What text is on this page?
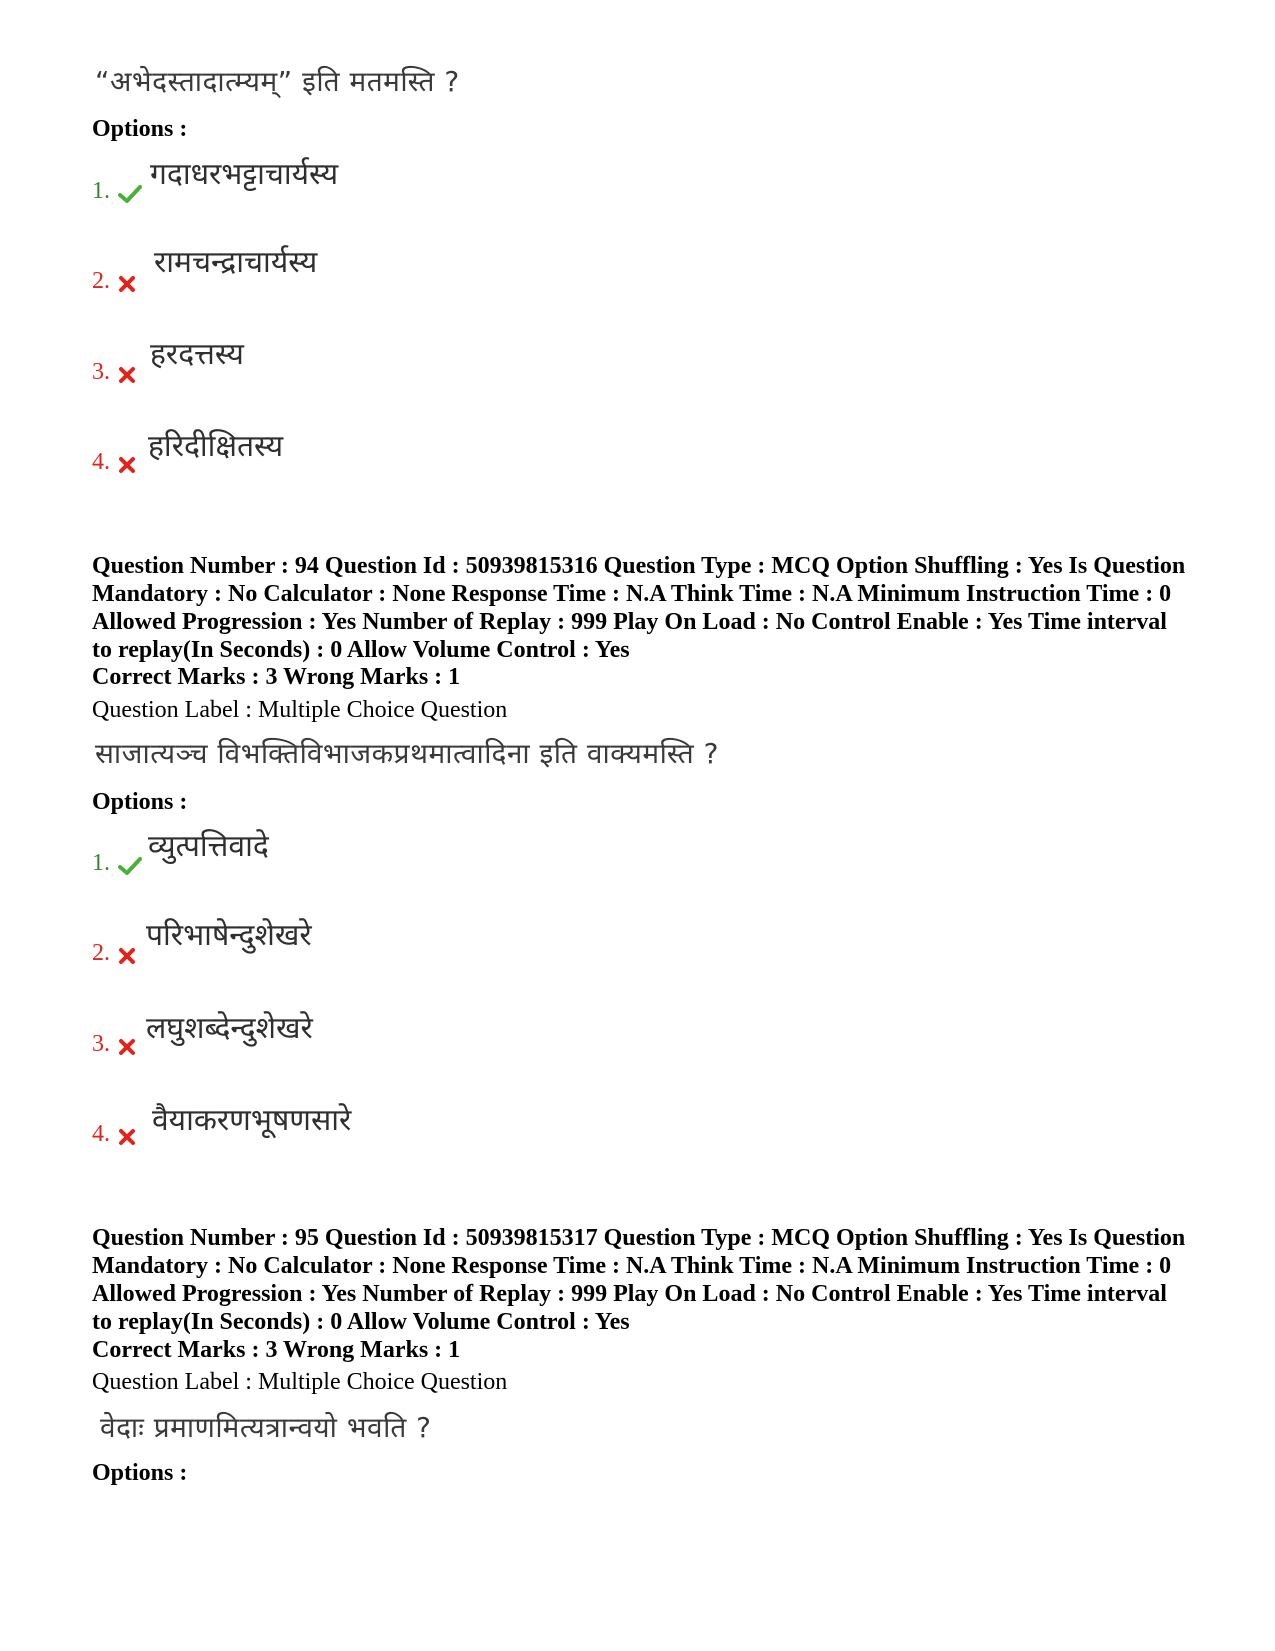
“अभेदस्तादात्म्यम्” इति मतमस्ति ?
Options :
1.	गदाधरभट्टाचार्यस्य
2.
रामचन्द्राचार्यस्य
3.	हरदत्तस्य
4.	हरिदीक्षितस्य
Question Number : 94 Question Id : 50939815316 Question Type : MCQ Option Shuffling : Yes Is Question Mandatory : No Calculator : None Response Time : N.A Think Time : N.A Minimum Instruction Time : 0 Allowed Progression : Yes Number of Replay : 999 Play On Load : No Control Enable : Yes Time interval to replay(In Seconds) : 0 Allow Volume Control : Yes
Correct Marks : 3 Wrong Marks : 1
Question Label : Multiple Choice Question
साजात्यञ्च विभक्तिविभाजकप्रथमात्वादिना इति वाक्यमस्ति ?
Options :
1.	व्युत्पत्तिवादे
2.	परिभाषेन्दुशेखरे
3.	लघुशब्देन्दुशेखरे
4.	वैयाकरणभूषणसारे
Question Number : 95 Question Id : 50939815317 Question Type : MCQ Option Shuffling : Yes Is Question Mandatory : No Calculator : None Response Time : N.A Think Time : N.A Minimum Instruction Time : 0 Allowed Progression : Yes Number of Replay : 999 Play On Load : No Control Enable : Yes Time interval to replay(In Seconds) : 0 Allow Volume Control : Yes
Correct Marks : 3 Wrong Marks : 1
Question Label : Multiple Choice Question
वेदाः प्रमाणमित्यत्रान्वयो भवति ?
Options :
